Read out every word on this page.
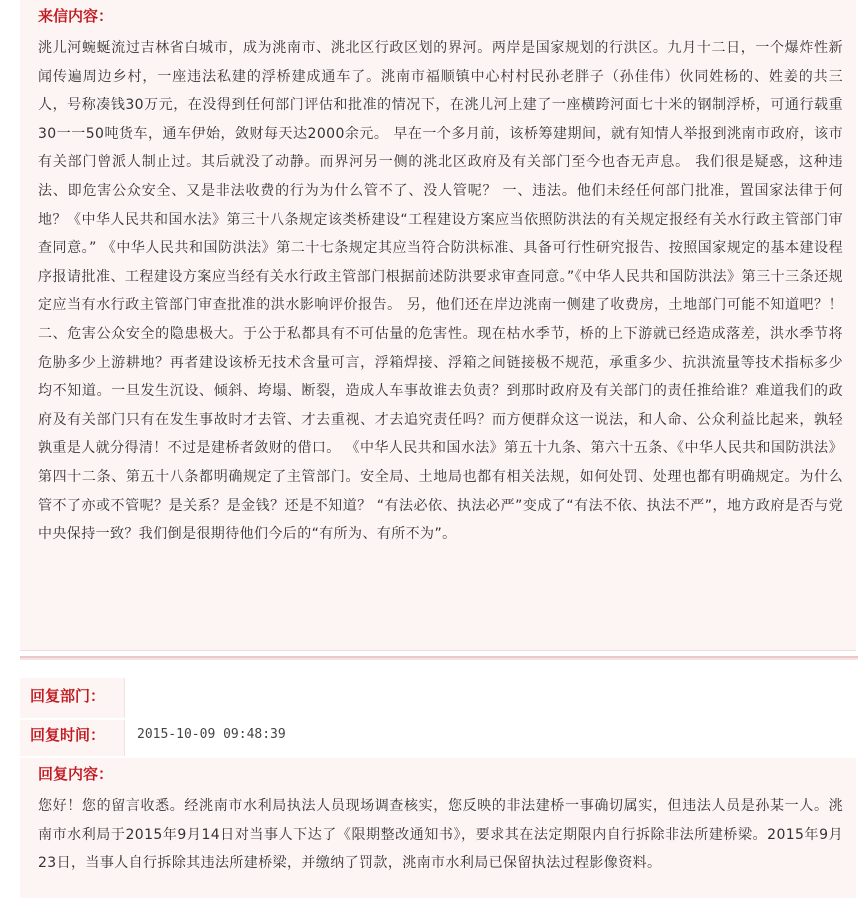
来信内容：
洮儿河蜿蜒流过吉林省白城市，成为洮南市、洮北区行政区划的界河。两岸是国家规划的行洪区。九月十二日，一个爆炸性新闻传遍周边乡村，一座违法私建的浮桥建成通车了。洮南市福顺镇中心村村民孙老胖子（孙佳伟）伙同姓杨的、姓姜的共三人，号称凑钱30万元，在没得到任何部门评估和批准的情况下，在洮儿河上建了一座横跨河面七十米的钢制浮桥，可通行载重30一一50吨货车，通车伊始，敛财每天达2000余元。 早在一个多月前，该桥筹建期间，就有知情人举报到洮南市政府，该市有关部门曾派人制止过。其后就没了动静。而界河另一侧的洮北区政府及有关部门至今也杳无声息。 我们很是疑惑，这种违法、即危害公众安全、又是非法收费的行为为什么管不了、没人管呢？ 一、违法。他们未经任何部门批准，置国家法律于何地？《中华人民共和国水法》第三十八条规定该类桥建设“工程建设方案应当依照防洪法的有关规定报经有关水行政主管部门审查同意。” 《中华人民共和国防洪法》第二十七条规定其应当符合防洪标准、具备可行性研究报告、按照国家规定的基本建设程序报请批准、工程建设方案应当经有关水行政主管部门根据前述防洪要求审查同意。”《中华人民共和国防洪法》第三十三条还规定应当有水行政主管部门审查批准的洪水影响评价报告。 另，他们还在岸边洮南一侧建了收费房，土地部门可能不知道吧？！ 二、危害公众安全的隐患极大。于公于私都具有不可估量的危害性。现在枯水季节，桥的上下游就已经造成落差，洪水季节将危胁多少上游耕地？再者建设该桥无技术含量可言，浮箱焊接、浮箱之间链接极不规范，承重多少、抗洪流量等技术指标多少均不知道。一旦发生沉设、倾斜、垮塌、断裂，造成人车事故谁去负责？到那时政府及有关部门的责任推给谁？难道我们的政府及有关部门只有在发生事故时才去管、才去重视、才去追究责任吗？而方便群众这一说法，和人命、公众利益比起来，孰轻孰重是人就分得清！不过是建桥者敛财的借口。 《中华人民共和国水法》第五十九条、第六十五条、《中华人民共和国防洪法》第四十二条、第五十八条都明确规定了主管部门。安全局、土地局也都有相关法规，如何处罚、处理也都有明确规定。为什么管不了亦或不管呢？是关系？是金钱？还是不知道？ “有法必依、执法必严”变成了“有法不依、执法不严”，地方政府是否与党中央保持一致？我们倒是很期待他们今后的“有所为、有所不为”。
回复部门：
回复时间： 2015-10-09 09:48:39
回复内容：
您好！您的留言收悉。经洮南市水利局执法人员现场调查核实，您反映的非法建桥一事确切属实，但违法人员是孙某一人。洮南市水利局于2015年9月14日对当事人下达了《限期整改通知书》，要求其在法定期限内自行拆除非法所建桥梁。2015年9月23日，当事人自行拆除其违法所建桥梁，并缴纳了罚款，洮南市水利局已保留执法过程影像资料。
